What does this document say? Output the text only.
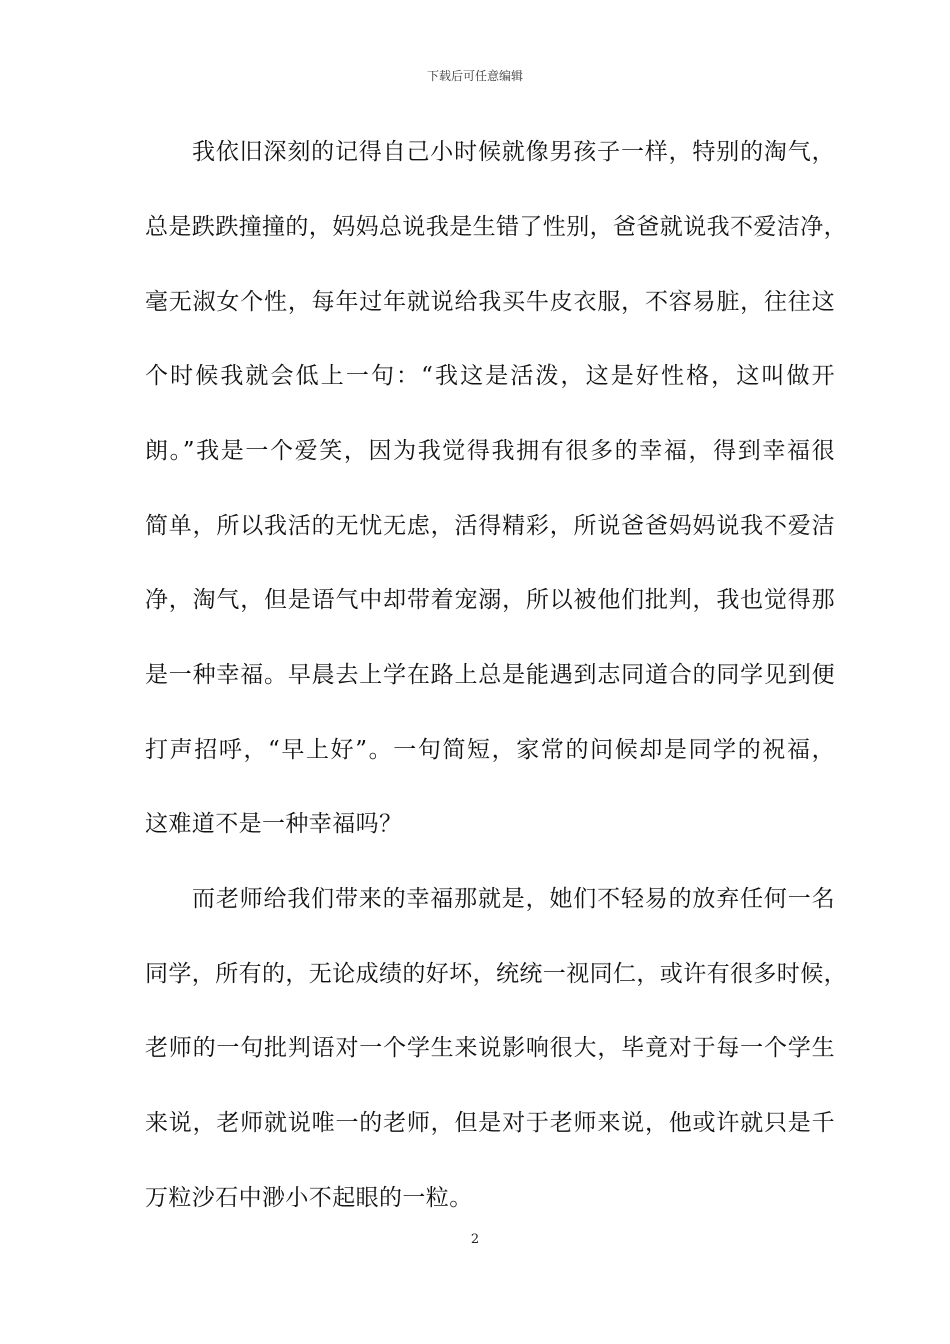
下载后可任意编辑
我依旧深刻的记得自己小时候就像男孩子一样，特别的淘气，
总是跌跌撞撞的，妈妈总说我是生错了性别，爸爸就说我不爱洁净，
毫无淑女个性，每年过年就说给我买牛皮衣服，不容易脏，往往这
个时候我就会低上一句：“我这是活泼，这是好性格，这叫做开
朗。”我是一个爱笑，因为我觉得我拥有很多的幸福，得到幸福很
简单，所以我活的无忧无虑，活得精彩，所说爸爸妈妈说我不爱洁
净，淘气，但是语气中却带着宠溺，所以被他们批判，我也觉得那
是一种幸福。早晨去上学在路上总是能遇到志同道合的同学见到便
打声招呼，“早上好”。一句简短，家常的问候却是同学的祝福，
这难道不是一种幸福吗？
而老师给我们带来的幸福那就是，她们不轻易的放弃任何一名
同学，所有的，无论成绩的好坏，统统一视同仁，或许有很多时候，
老师的一句批判语对一个学生来说影响很大，毕竟对于每一个学生
来说，老师就说唯一的老师，但是对于老师来说，他或许就只是千
万粒沙石中渺小不起眼的一粒。
2
